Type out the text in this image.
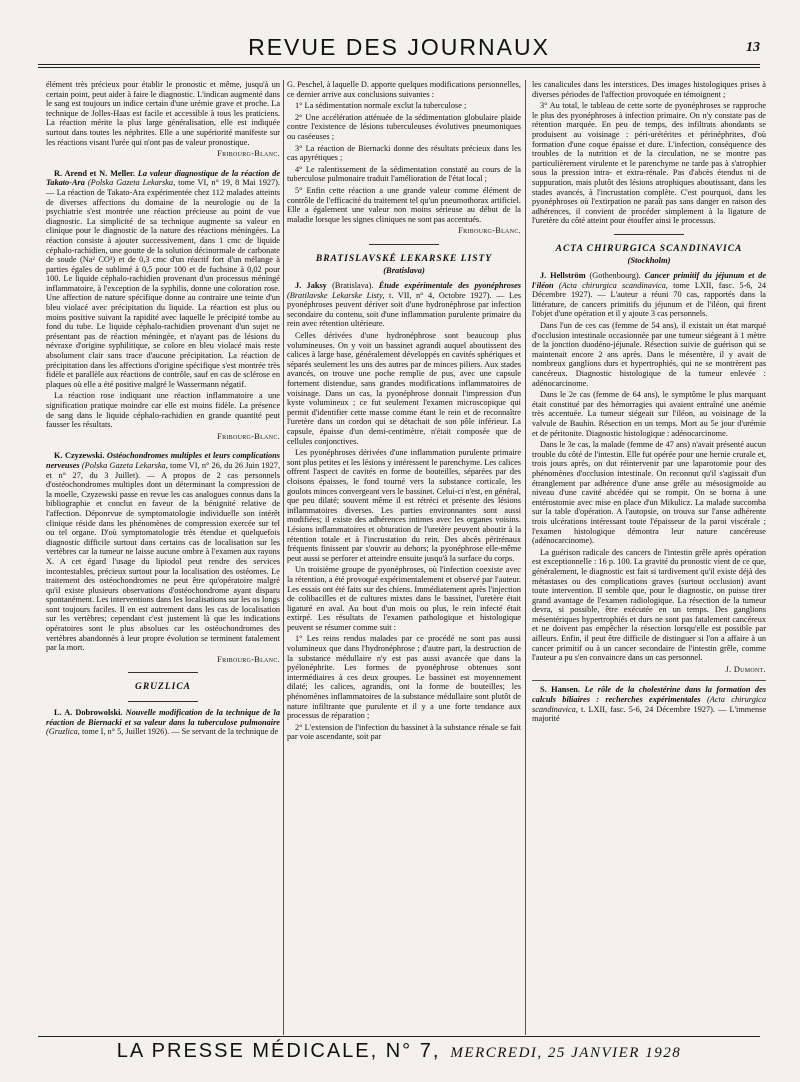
REVUE DES JOURNAUX	13

élément très précieux pour établir le pronostic et même, jusqu'à un certain point, peut aider à faire le diagnostic. L'indican augmenté dans le sang est toujours un indice certain d'une urémie grave et proche. La technique de Jolles-Haas est facile et accessible à tous les praticiens. La réaction mérite la plus large généralisation, elle est indiquée surtout dans toutes les néphrites. Elle a une supériorité manifeste sur les réactions visant l'urée qui n'ont pas de valeur pronostique.

Fribourg-Blanc.

R. Arend et N. Meller. La valeur diagnostique de la réaction de Takato-Ara (Polska Gazeta Lekarska, tome VI, n° 19, 8 Mai 1927). — La réaction de Takato-Ara expérimentée chez 112 malades atteints de diverses affections du domaine de la neurologie ou de la psychiatrie s'est montrée une réaction précieuse au point de vue diagnostic. La simplicité de sa technique augmente sa valeur en clinique pour le diagnostic de la nature des réactions méningées. La réaction consiste à ajouter successivement, dans 1 cmc de liquide céphalo-rachidien, une goutte de la solution décinormale de carbonate de soude (Na² CO³) et de 0,3 cmc d'un réactif fort d'un mélange à parties égales de sublimé à 0,5 pour 100 et de fuchsine à 0,02 pour 100. Le liquide céphalo-rachidien provenant d'un processus méningé inflammatoire, à l'exception de la syphilis, donne une coloration rose. Une affection de nature spécifique donne au contraire une teinte d'un bleu violacé avec précipitation du liquide. La réaction est plus ou moins positive suivant la rapidité avec laquelle le précipité tombe au fond du tube. Le liquide céphalo-rachidien provenant d'un sujet ne présentant pas de réaction méningée, et n'ayant pas de lésions du névraxe d'origine syphilitique, se colore en bleu violacé mais reste absolument clair sans trace d'aucune précipitation. La réaction de précipitation dans les affections d'origine spécifique s'est montrée très fidèle et parallèle aux réactions de contrôle, sauf en cas de sclérose en plaques où elle a été positive malgré le Wassermann négatif.

La réaction rose indiquant une réaction inflammatoire a une signification pratique moindre car elle est moins fidèle. La présence de sang dans le liquide céphalo-rachidien en grande quantité peut fausser les résultats.

Fribourg-Blanc.

K. Czyzewski. Ostéochondromes multiples et leurs complications nerveuses (Polska Gazeta Lekarska, tome VI, n° 26, du 26 Juin 1927, et n° 27, du 3 Juillet). — A propos de 2 cas personnels d'ostéochondromes multiples dont un déterminant la compression de la moelle, Czyzewski passe en revue les cas analogues connus dans la bibliographie et conclut en faveur de la bénignité relative de l'affection. Déponrvue de symptomatologie individuelle son intérêt clinique réside dans les phénomènes de compression exercée sur tel ou tel organe. D'où symptomatologie très étendue et quelquefois diagnostic difficile surtout dans certains cas de localisation sur les vertèbres car la tumeur ne laisse aucune ombre à l'examen aux rayons X. A cet égard l'usage du lipiodol peut rendre des services incontestables, précieux surtout pour la localisation des ostéomes. Le traitement des ostéochondromes ne peut être qu'opératoire malgré qu'il existe plusieurs observations d'ostéochondrome ayant disparu spontanément. Les interventions dans les localisations sur les os longs sont toujours faciles. Il en est autrement dans les cas de localisation sur les vertèbres; cependant c'est justement là que les indications opératoires sont le plus absolues car les ostéochondromes des vertèbres abandonnés à leur propre évolution se terminent fatalement par la mort.

Fribourg-Blanc.
GRUZLICA

L. A. Dobrowolski. Nouvelle modification de la technique de la réaction de Biernacki et sa valeur dans la tuberculose pulmonaire (Gruzlica, tome I, n° 5, Juillet 1926). — Se servant de la technique de

G. Peschel, à laquelle D. apporte quelques modifications personnelles, ce dernier arrive aux conclusions suivantes :

1° La sédimentation normale exclut la tuberculose ;

2° Une accélération atténuée de la sédimentation globulaire plaide contre l'existence de lésions tuberculeuses évolutives pneumoniques ou caséeuses ;

3° La réaction de Biernacki donne des résultats précieux dans les cas apyrétiques ;

4° Le ralentissement de la sédimentation constaté au cours de la tuberculose pulmonaire traduit l'amélioration de l'état local ;

5° Enfin cette réaction a une grande valeur comme élément de contrôle de l'efficacité du traitement tel qu'un pneumothorax artificiel. Elle a également une valeur non moins sérieuse au début de la maladie lorsque les signes cliniques ne sont pas accentués.

Fribourg-Blanc.
BRATISLAVSKÉ LEKARSKE LISTY
(Bratislava)

J. Jaksy (Bratislava). Étude expérimentale des pyonéphroses (Bratilavske Lekarske Listy, t. VII, n° 4, Octobre 1927). — Les pyonéphroses peuvent dériver soit d'une hydronéphrose par infection secondaire du contenu, soit d'une inflammation purulente primaire du rein avec rétention ultérieure.

Celles dérivées d'une hydronéphrose sont beaucoup plus volumineuses. On y voit un bassinet agrandi auquel aboutissent des calices à large base, généralement développés en cavités sphériques et séparés seulement les uns des autres par de minces piliers. Aux stades avancés, on trouve une poche remplie de pus, avec une capsule fortement distendue, sans grandes modifications inflammatoires de voisinage. Dans un cas, la pyonéphrose donnait l'impression d'un kyste volumineux ; ce fut seulement l'examen microscopique qui permit d'identifier cette masse comme étant le rein et de reconnaître l'uretère dans un cordon qui se détachait de son pôle inférieur. La capsule, épaisse d'un demi-centimètre, n'était composée que de cellules conjonctives.

Les pyonéphroses dérivées d'une inflammation purulente primaire sont plus petites et les lésions y intéressent le parenchyme. Les calices offrent l'aspect de cavités en forme de bouteilles, séparées par des cloisons épaisses, le fond tourné vers la substance corticale, les goulots minces convergeant vers le bassinet. Celui-ci n'est, en général, que peu dilaté; souvent même il est rétréci et présente des lésions inflammatoires diverses. Les parties environnantes sont aussi modifiées; il existe des adhérences intimes avec les organes voisins. Lésions inflammatoires et obturation de l'uretère peuvent aboutir à la rétention totale et à l'incrustation du rein. Des abcès périrénaux fréquents finissent par s'ouvrir au dehors; la pyonéphrose elle-même peut aussi se perforer et atteindre ensuite jusqu'à la surface du corps.

Un troisième groupe de pyonéphroses, où l'infection coexiste avec la rétention, a été provoqué expérimentalement et observé par l'auteur. Les essais ont été faits sur des chiens. Immédiatement après l'injection de colibacilles et de cultures mixtes dans le bassinet, l'uretère était ligaturé en aval. Au bout d'un mois ou plus, le rein infecté était extirpé. Les résultats de l'examen pathologique et histologique peuvent se résumer comme suit :

1° Les reins rendus malades par ce procédé ne sont pas aussi volumineux que dans l'hydronéphrose ; d'autre part, la destruction de la substance médullaire n'y est pas aussi avancée que dans la pyélonéphrite. Les formes de pyonéphrose obtenues sont intermédiaires à ces deux groupes. Le bassinet est moyennement dilaté; les calices, agrandis, ont la forme de bouteilles; les phénomènes inflammatoires de la substance médullaire sont plutôt de nature infiltrante que purulente et il y a une forte tendance aux processus de réparation ;

2° L'extension de l'infection du bassinet à la substance rénale se fait par voie ascendante, soit par

les canalicules dans les interstices. Des images histologiques prises à diverses périodes de l'affection provoquée en témoignent ;

3° Au total, le tableau de cette sorte de pyonéphroses se rapproche le plus des pyonéphroses à infection primaire. On n'y constate pas de rétention marquée. En peu de temps, des infiltrats abondants se produisent au voisinage : péri-urétérites et périnéphrites, d'où formation d'une coque épaisse et dure. L'infection, conséquence des troubles de la nutrition et de la circulation, ne se montre pas particulièrement virulente et le parenchyme ne tarde pas à s'atrophier sous la pression intra- et extra-rénale. Pas d'abcès étendus ni de suppuration, mais plutôt des lésions atrophiques aboutissant, dans les stades avancés, à l'incrustation complète. C'est pourquoi, dans les pyonéphroses où l'extirpation ne paraît pas sans danger en raison des adhérences, il convient de procéder simplement à la ligature de l'uretère du côté atteint pour étouffer ainsi le processus.

ACTA CHIRURGICA SCANDINAVICA
(Stockholm)

J. Hellström (Gothenbourg). Cancer primitif du jéjunum et de l'iléon (Acta chirurgica scandinavica, tome LXII, fasc. 5-6, 24 Décembre 1927). — L'auteur a réuni 70 cas, rapportés dans la littérature, de cancers primitifs du jéjunum et de l'iléon, qui firent l'objet d'une opération et il y ajoute 3 cas personnels.

Dans l'un de ces cas (femme de 54 ans), il existait un état marqué d'occlusion intestinale occasionnée par une tumeur siégeant à 1 mètre de la jonction duodéno-jéjunale. Résection suivie de guérison qui se maintenait encore 2 ans après. Dans le mésentère, il y avait de nombreux ganglions durs et hypertrophiés, qui ne se montrèrent pas cancéreux. Diagnostic histologique de la tumeur enlevée : adénocarcinome.

Dans le 2e cas (femme de 64 ans), le symptôme le plus marquant était constitué par des hémorragies qui avaient entraîné une anémie très accentuée. La tumeur siégeait sur l'iléon, au voisinage de la valvule de Bauhin. Résection en un temps. Mort au 5e jour d'urémie et de péritonite. Diagnostic histologique : adénocarcinome.

Dans le 3e cas, la malade (femme de 47 ans) n'avait présenté aucun trouble du côté de l'intestin. Elle fut opérée pour une hernie crurale et, trois jours après, on dut réintervenir par une laparotomie pour des phénomènes d'occlusion intestinale. On reconnut qu'il s'agissait d'un étranglement par adhérence d'une anse grêle au mésosigmoïde au niveau d'une cavité abcédée qui se rompit. On se borna à une entérostomie avec mise en place d'un Mikulicz. La malade succomba sur la table d'opération. A l'autopsie, on trouva sur l'anse adhérente trois ulcérations intéressant toute l'épaisseur de la paroi viscérale ; l'examen histologique démontra leur nature cancéreuse (adénocarcinome).

La guérison radicale des cancers de l'intestin grêle après opération est exceptionnelle : 16 p. 100. La gravité du pronostic vient de ce que, généralement, le diagnostic est fait si tardivement qu'il existe déjà des métastases ou des complications graves (surtout occlusion) avant toute intervention. Il semble que, pour le diagnostic, on puisse tirer grand avantage de l'examen radiologique. La résection de la tumeur devra, si possible, être exécutée en un temps. Des ganglions mésentériques hypertrophiés et durs ne sont pas fatalement cancéreux et ne doivent pas empêcher la résection lorsqu'elle est possible par ailleurs. Enfin, il peut être difficile de distinguer si l'on a affaire à un cancer primitif ou à un cancer secondaire de l'intestin grêle, comme l'auteur a pu s'en convaincre dans un cas personnel.

J. Dumont.

S. Hansen. Le rôle de la cholestérine dans la formation des calculs biliaires : recherches expérimentales (Acta chirurgica scandinavica, t. LXII, fasc. 5-6, 24 Décembre 1927). — L'immense majorité

LA PRESSE MÉDICALE, N° 7, MERCREDI, 25 JANVIER 1928
